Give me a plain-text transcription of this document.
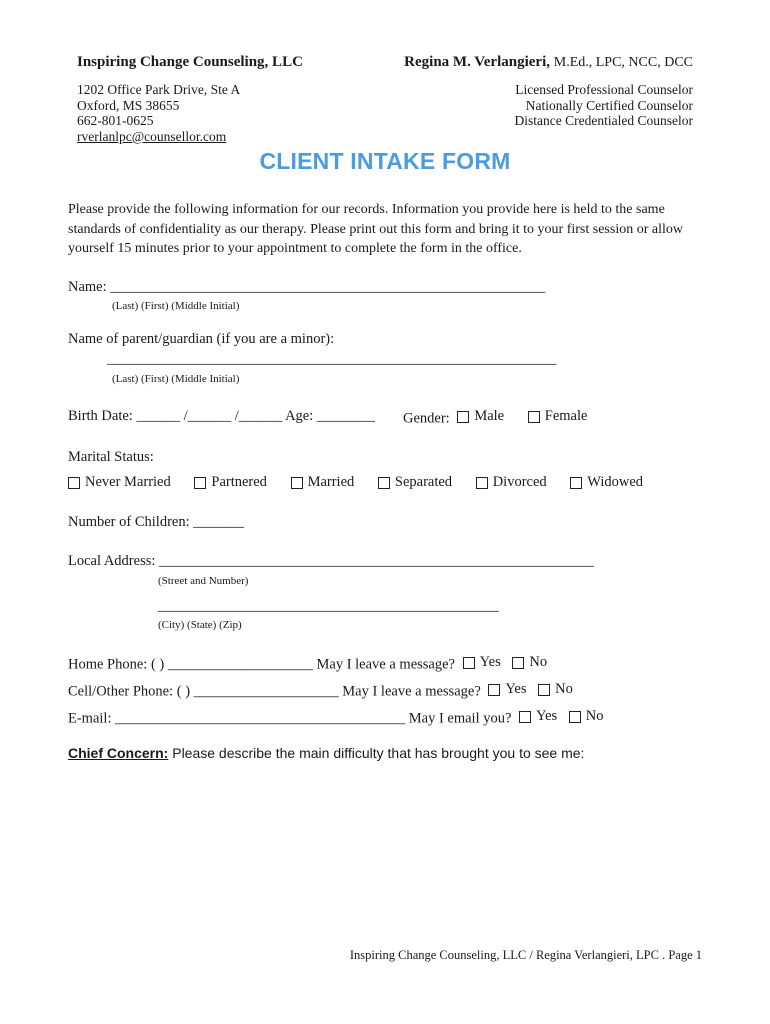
Inspiring Change Counseling, LLC
1202 Office Park Drive, Ste A
Oxford, MS 38655
662-801-0625
rverlanlpc@counsellor.com
Regina M. Verlangieri, M.Ed., LPC, NCC, DCC
Licensed Professional Counselor
Nationally Certified Counselor
Distance Credentialed Counselor
CLIENT INTAKE FORM
Please provide the following information for our records. Information you provide here is held to the same standards of confidentiality as our therapy. Please print out this form and bring it to your first session or allow yourself 15 minutes prior to your appointment to complete the form in the office.
Name: ____________________________________________________________
(Last) (First) (Middle Initial)
Name of parent/guardian (if you are a minor):
______________________________________________________________
(Last) (First) (Middle Initial)
Birth Date: ______ /______ /______ Age: ________ Gender: Male
	Female
Marital Status:
Never Married
	Partnered
	Married
	Separated
	Divorced
	Widowed
Number of Children: _______
Local Address: ____________________________________________________________
(Street and Number)
_______________________________________________
(City) (State) (Zip)
Home Phone: ( ) ____________________ May I leave a message? Yes
No
Cell/Other Phone: ( ) ____________________ May I leave a message? Yes
No
E-mail: ________________________________________ May I email you? Yes
No
Chief Concern: Please describe the main difficulty that has brought you to see me:
Inspiring Change Counseling, LLC / Regina Verlangieri, LPC . Page 1
